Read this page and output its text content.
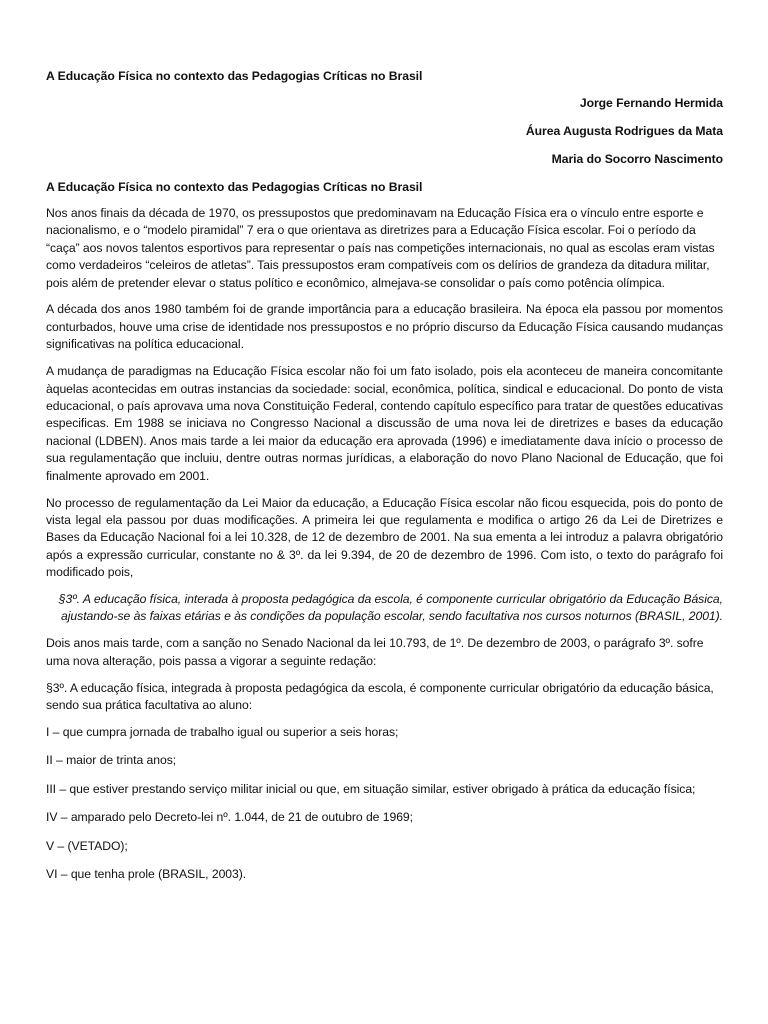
A Educação Física no contexto das Pedagogias Críticas no Brasil
Jorge Fernando Hermida
Áurea Augusta Rodrigues da Mata
Maria do Socorro Nascimento
A Educação Física no contexto das Pedagogias Críticas no Brasil

Nos anos finais da década de 1970, os pressupostos que predominavam na Educação Física era o vínculo entre esporte e nacionalismo, e o “modelo piramidal” 7 era o que orientava as diretrizes para a Educação Física escolar. Foi o período da “caça” aos novos talentos esportivos para representar o país nas competições internacionais, no qual as escolas eram vistas como verdadeiros “celeiros de atletas”. Tais pressupostos eram compatíveis com os delírios de grandeza da ditadura militar, pois além de pretender elevar o status político e econômico, almejava-se consolidar o país como potência olímpica.

A década dos anos 1980 também foi de grande importância para a educação brasileira. Na época ela passou por momentos conturbados, houve uma crise de identidade nos pressupostos e no próprio discurso da Educação Física causando mudanças significativas na política educacional.

A mudança de paradigmas na Educação Física escolar não foi um fato isolado, pois ela aconteceu de maneira concomitante àquelas acontecidas em outras instancias da sociedade: social, econômica, política, sindical e educacional. Do ponto de vista educacional, o país aprovava uma nova Constituição Federal, contendo capítulo específico para tratar de questões educativas especificas. Em 1988 se iniciava no Congresso Nacional a discussão de uma nova lei de diretrizes e bases da educação nacional (LDBEN). Anos mais tarde a lei maior da educação era aprovada (1996) e imediatamente dava início o processo de sua regulamentação que incluiu, dentre outras normas jurídicas, a elaboração do novo Plano Nacional de Educação, que foi finalmente aprovado em 2001.

No processo de regulamentação da Lei Maior da educação, a Educação Física escolar não ficou esquecida, pois do ponto de vista legal ela passou por duas modificações. A primeira lei que regulamenta e modifica o artigo 26 da Lei de Diretrizes e Bases da Educação Nacional foi a lei 10.328, de 12 de dezembro de 2001. Na sua ementa a lei introduz a palavra obrigatório após a expressão curricular, constante no & 3º. da lei 9.394, de 20 de dezembro de 1996. Com isto, o texto do parágrafo foi modificado pois,

§3º. A educação física, interada à proposta pedagógica da escola, é componente curricular obrigatório da Educação Básica, ajustando-se às faixas etárias e às condições da população escolar, sendo facultativa nos cursos noturnos (BRASIL, 2001).

Dois anos mais tarde, com a sanção no Senado Nacional da lei 10.793, de 1º. De dezembro de 2003, o parágrafo 3º. sofre uma nova alteração, pois passa a vigorar a seguinte redação:

§3º. A educação física, integrada à proposta pedagógica da escola, é componente curricular obrigatório da educação básica, sendo sua prática facultativa ao aluno:

I – que cumpra jornada de trabalho igual ou superior a seis horas;

II – maior de trinta anos;

III – que estiver prestando serviço militar inicial ou que, em situação similar, estiver obrigado à prática da educação física;

IV – amparado pelo Decreto-lei nº. 1.044, de 21 de outubro de 1969;

V – (VETADO);

VI – que tenha prole (BRASIL, 2003).
